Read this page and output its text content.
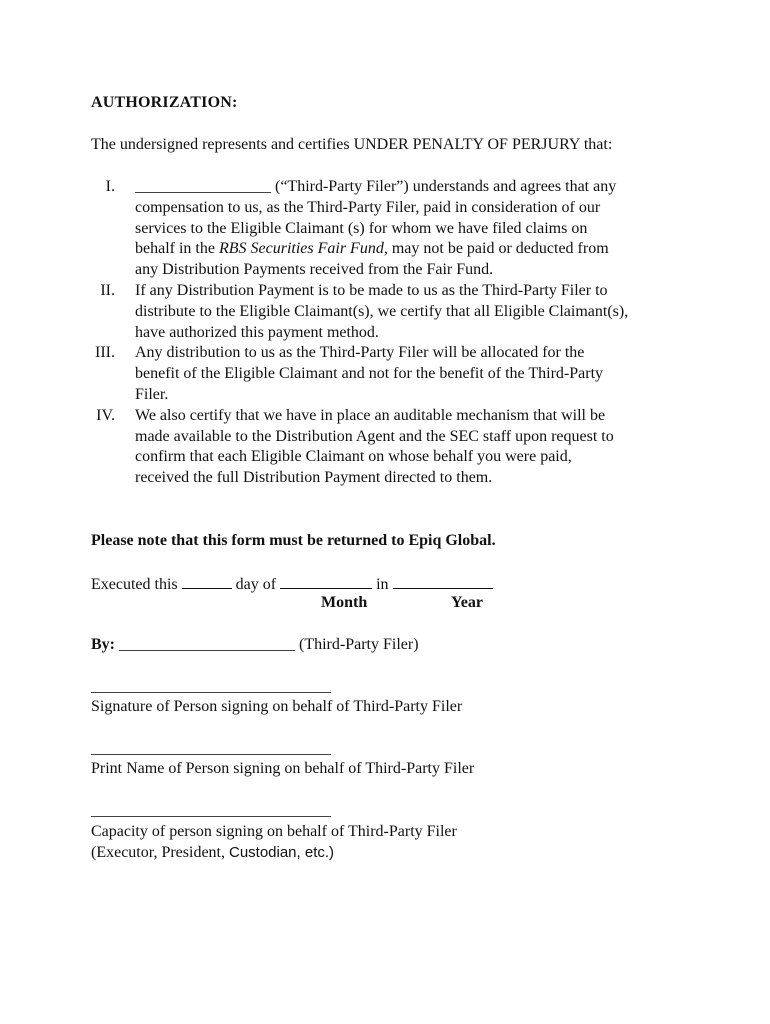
AUTHORIZATION:
The undersigned represents and certifies UNDER PENALTY OF PERJURY that:
I. _________________ (“Third-Party Filer”) understands and agrees that any
compensation to us, as the Third-Party Filer, paid in consideration of our
services to the Eligible Claimant (s) for whom we have filed claims on
behalf in the RBS Securities Fair Fund, may not be paid or deducted from
any Distribution Payments received from the Fair Fund.
II. If any Distribution Payment is to be made to us as the Third-Party Filer to
distribute to the Eligible Claimant(s), we certify that all Eligible Claimant(s),
have authorized this payment method.
III. Any distribution to us as the Third-Party Filer will be allocated for the
benefit of the Eligible Claimant and not for the benefit of the Third-Party
Filer.
IV. We also certify that we have in place an auditable mechanism that will be
made available to the Distribution Agent and the SEC staff upon request to
confirm that each Eligible Claimant on whose behalf you were paid,
received the full Distribution Payment directed to them.
Please note that this form must be returned to Epiq Global.
Executed this	day of	in
Month	Year
By: ______________________ (Third-Party Filer)
______________________________
Signature of Person signing on behalf of Third-Party Filer
______________________________
Print Name of Person signing on behalf of Third-Party Filer
______________________________
Capacity of person signing on behalf of Third-Party Filer
(Executor, President, Custodian, etc.)
